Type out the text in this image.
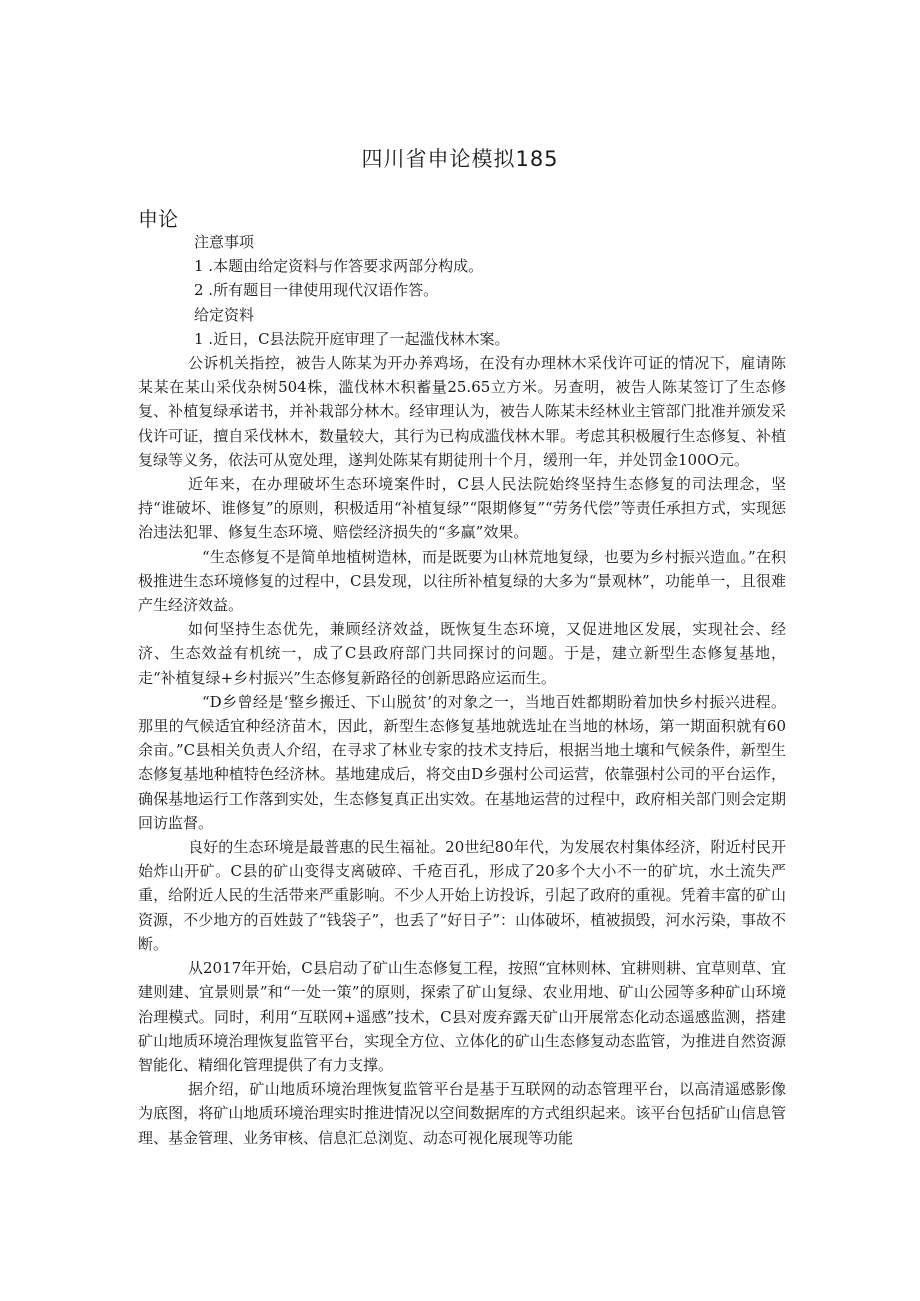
四川省申论模拟185
申论

注意事项

1 .本题由给定资料与作答要求两部分构成。

2 .所有题目一律使用现代汉语作答。

给定资料

1 .近日，C县法院开庭审理了一起滥伐林木案。

公诉机关指控，被告人陈某为开办养鸡场，在没有办理林木采伐许可证的情况下，雇请陈某某在某山采伐杂树504株，滥伐林木积蓄量25.65立方米。另查明，被告人陈某签订了生态修复、补植复绿承诺书，并补栽部分林木。经审理认为，被告人陈某未经林业主管部门批准并颁发采伐许可证，擅自采伐林木，数量较大，其行为已构成滥伐林木罪。考虑其积极履行生态修复、补植复绿等义务，依法可从宽处理，遂判处陈某有期徒刑十个月，缓刑一年，并处罚金100O元。

近年来，在办理破坏生态环境案件时，C县人民法院始终坚持生态修复的司法理念，坚持“谁破坏、谁修复”的原则，积极适用“补植复绿”“限期修复”“劳务代偿”等责任承担方式，实现惩治违法犯罪、修复生态环境、赔偿经济损失的“多赢”效果。

“生态修复不是简单地植树造林，而是既要为山林荒地复绿，也要为乡村振兴造血。”在积极推进生态环境修复的过程中，C县发现，以往所补植复绿的大多为“景观林”，功能单一，且很难产生经济效益。

如何坚持生态优先，兼顾经济效益，既恢复生态环境，又促进地区发展，实现社会、经济、生态效益有机统一，成了C县政府部门共同探讨的问题。于是，建立新型生态修复基地，走“补植复绿+乡村振兴”生态修复新路径的创新思路应运而生。

“D乡曾经是‘整乡搬迁、下山脱贫’的对象之一，当地百姓都期盼着加快乡村振兴进程。那里的气候适宜种经济苗木，因此，新型生态修复基地就选址在当地的林场，第一期面积就有60余亩。”C县相关负责人介绍，在寻求了林业专家的技术支持后，根据当地土壤和气候条件，新型生态修复基地种植特色经济林。基地建成后，将交由D乡强村公司运营，依靠强村公司的平台运作，确保基地运行工作落到实处，生态修复真正出实效。在基地运营的过程中，政府相关部门则会定期回访监督。

良好的生态环境是最普惠的民生福祉。20世纪80年代，为发展农村集体经济，附近村民开始炸山开矿。C县的矿山变得支离破碎、千疮百孔，形成了20多个大小不一的矿坑，水土流失严重，给附近人民的生活带来严重影响。不少人开始上访投诉，引起了政府的重视。凭着丰富的矿山资源，不少地方的百姓鼓了“钱袋子”，也丢了“好日子”：山体破坏，植被损毁，河水污染，事故不断。

从2017年开始，C县启动了矿山生态修复工程，按照“宜林则林、宜耕则耕、宜草则草、宜建则建、宜景则景”和“一处一策”的原则，探索了矿山复绿、农业用地、矿山公园等多种矿山环境治理模式。同时，利用“互联网+遥感”技术，C县对废弃露天矿山开展常态化动态遥感监测，搭建矿山地质环境治理恢复监管平台，实现全方位、立体化的矿山生态修复动态监管，为推进自然资源智能化、精细化管理提供了有力支撑。

据介绍，矿山地质环境治理恢复监管平台是基于互联网的动态管理平台，以高清遥感影像为底图，将矿山地质环境治理实时推进情况以空间数据库的方式组织起来。该平台包括矿山信息管理、基金管理、业务审核、信息汇总浏览、动态可视化展现等功能
